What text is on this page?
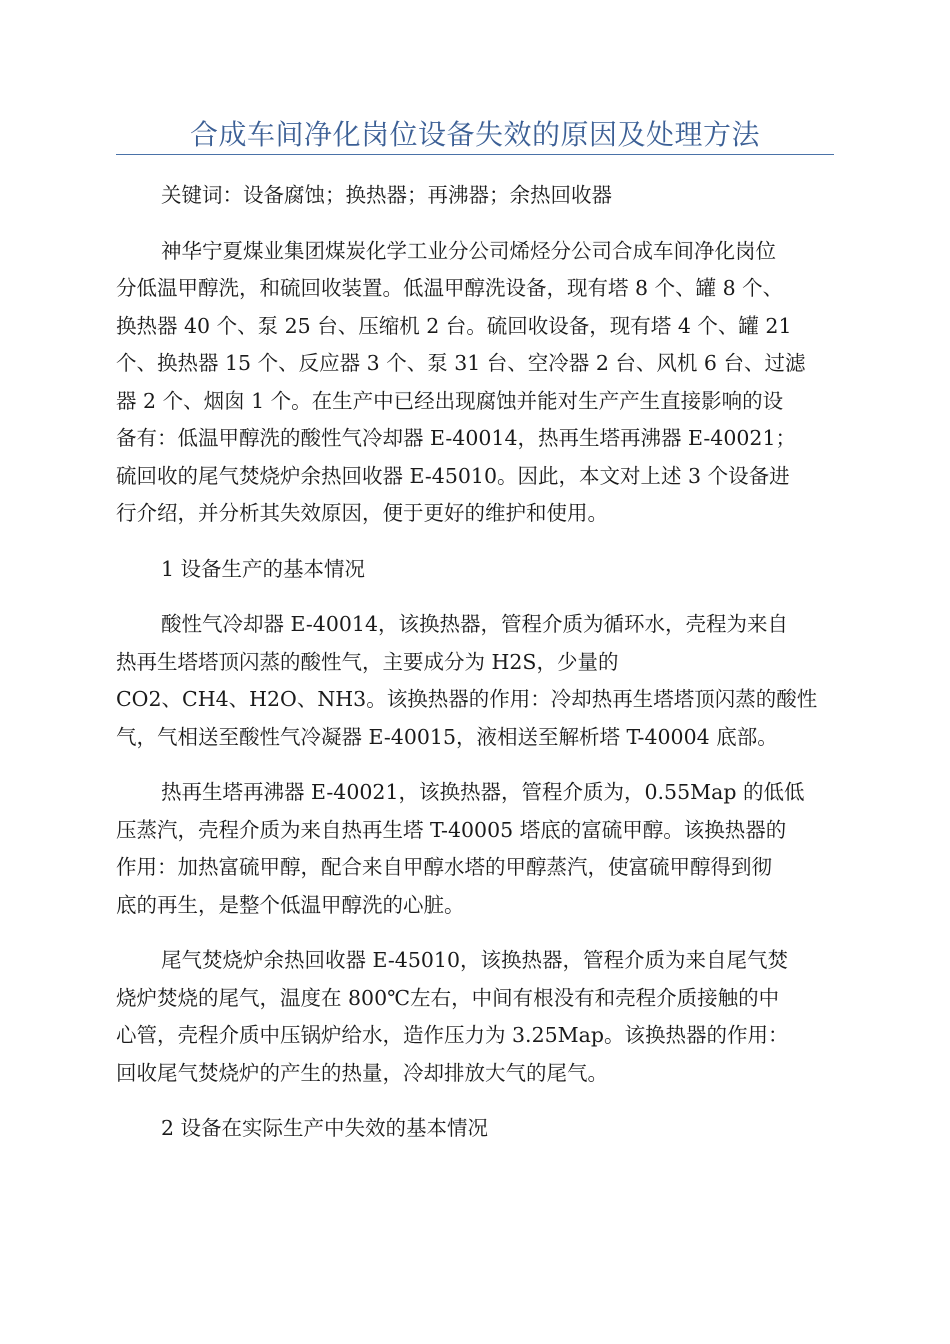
合成车间净化岗位设备失效的原因及处理方法
关键词：设备腐蚀；换热器；再沸器；余热回收器
神华宁夏煤业集团煤炭化学工业分公司烯烃分公司合成车间净化岗位
分低温甲醇洗，和硫回收装置。低温甲醇洗设备，现有塔 8 个、罐 8 个、
换热器 40 个、泵 25 台、压缩机 2 台。硫回收设备，现有塔 4 个、罐 21
个、换热器 15 个、反应器 3 个、泵 31 台、空冷器 2 台、风机 6 台、过滤
器 2 个、烟囱 1 个。在生产中已经出现腐蚀并能对生产产生直接影响的设
备有：低温甲醇洗的酸性气冷却器 E-40014，热再生塔再沸器 E-40021；
硫回收的尾气焚烧炉余热回收器 E-45010。因此，本文对上述 3 个设备进
行介绍，并分析其失效原因，便于更好的维护和使用。
1 设备生产的基本情况
酸性气冷却器 E-40014，该换热器，管程介质为循环水，壳程为来自
热再生塔塔顶闪蒸的酸性气，主要成分为 H2S，少量的
CO2、CH4、H2O、NH3。该换热器的作用：冷却热再生塔塔顶闪蒸的酸性
气，气相送至酸性气冷凝器 E-40015，液相送至解析塔 T-40004 底部。
热再生塔再沸器 E-40021，该换热器，管程介质为，0.55Map 的低低
压蒸汽，壳程介质为来自热再生塔 T-40005 塔底的富硫甲醇。该换热器的
作用：加热富硫甲醇，配合来自甲醇水塔的甲醇蒸汽，使富硫甲醇得到彻
底的再生，是整个低温甲醇洗的心脏。
尾气焚烧炉余热回收器 E-45010，该换热器，管程介质为来自尾气焚
烧炉焚烧的尾气，温度在 800℃左右，中间有根没有和壳程介质接触的中
心管，壳程介质中压锅炉给水，造作压力为 3.25Map。该换热器的作用：
回收尾气焚烧炉的产生的热量，冷却排放大气的尾气。
2 设备在实际生产中失效的基本情况
